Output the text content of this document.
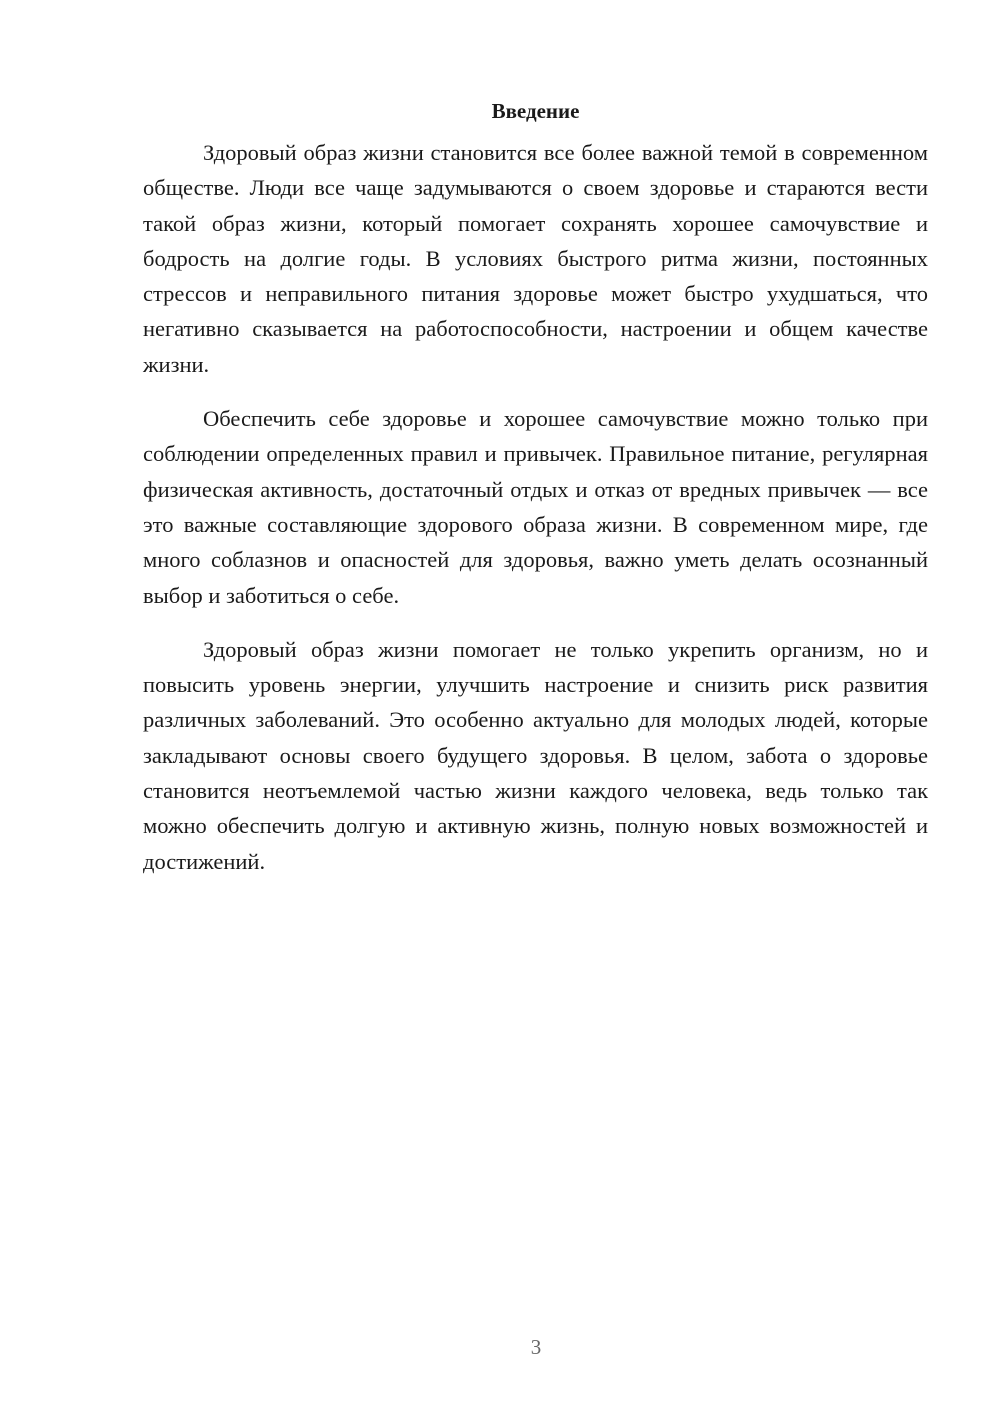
Введение

Здоровый образ жизни становится все более важной темой в современном обществе. Люди все чаще задумываются о своем здоровье и стараются вести такой образ жизни, который помогает сохранять хорошее самочувствие и бодрость на долгие годы. В условиях быстрого ритма жизни, постоянных стрессов и неправильного питания здоровье может быстро ухудшаться, что негативно сказывается на работоспособности, настроении и общем качестве жизни.

Обеспечить себе здоровье и хорошее самочувствие можно только при соблюдении определенных правил и привычек. Правильное питание, регулярная физическая активность, достаточный отдых и отказ от вредных привычек — все это важные составляющие здорового образа жизни. В современном мире, где много соблазнов и опасностей для здоровья, важно уметь делать осознанный выбор и заботиться о себе.

Здоровый образ жизни помогает не только укрепить организм, но и повысить уровень энергии, улучшить настроение и снизить риск развития различных заболеваний. Это особенно актуально для молодых людей, которые закладывают основы своего будущего здоровья. В целом, забота о здоровье становится неотъемлемой частью жизни каждого человека, ведь только так можно обеспечить долгую и активную жизнь, полную новых возможностей и достижений.

3
